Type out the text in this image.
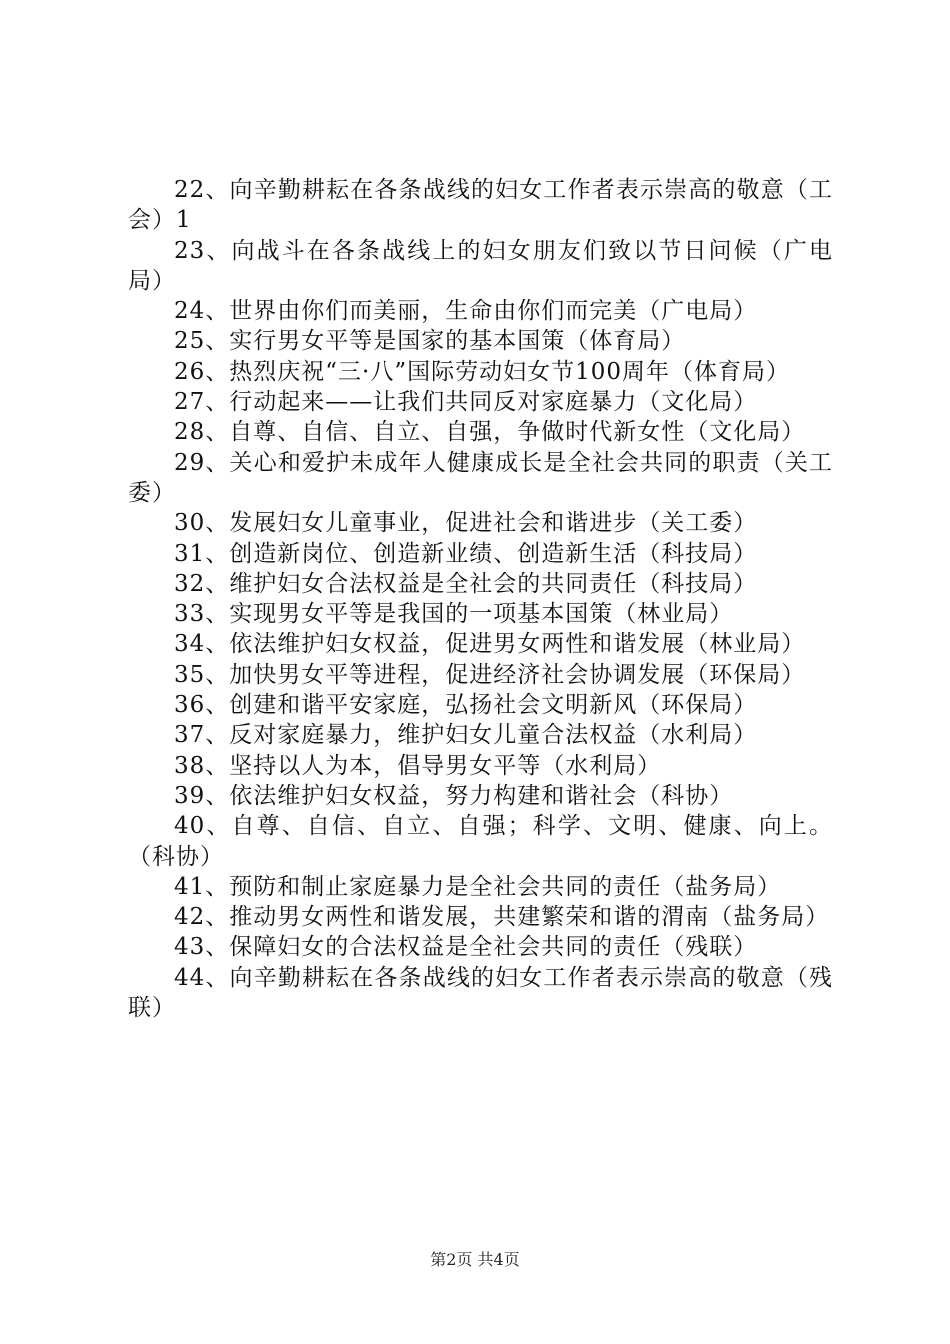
22、向辛勤耕耘在各条战线的妇女工作者表示崇高的敬意（工会）1

23、向战斗在各条战线上的妇女朋友们致以节日问候（广电局）

24、世界由你们而美丽，生命由你们而完美（广电局）

25、实行男女平等是国家的基本国策（体育局）

26、热烈庆祝“三·八”国际劳动妇女节100周年（体育局）

27、行动起来——让我们共同反对家庭暴力（文化局）

28、自尊、自信、自立、自强，争做时代新女性（文化局）

29、关心和爱护未成年人健康成长是全社会共同的职责（关工委）

30、发展妇女儿童事业，促进社会和谐进步（关工委）

31、创造新岗位、创造新业绩、创造新生活（科技局）

32、维护妇女合法权益是全社会的共同责任（科技局）

33、实现男女平等是我国的一项基本国策（林业局）

34、依法维护妇女权益，促进男女两性和谐发展（林业局）

35、加快男女平等进程，促进经济社会协调发展（环保局）

36、创建和谐平安家庭，弘扬社会文明新风（环保局）

37、反对家庭暴力，维护妇女儿童合法权益（水利局）

38、坚持以人为本，倡导男女平等（水利局）

39、依法维护妇女权益，努力构建和谐社会（科协）

40、自尊、自信、自立、自强；科学、文明、健康、向上。（科协）

41、预防和制止家庭暴力是全社会共同的责任（盐务局）

42、推动男女两性和谐发展，共建繁荣和谐的渭南（盐务局）

43、保障妇女的合法权益是全社会共同的责任（残联）

44、向辛勤耕耘在各条战线的妇女工作者表示崇高的敬意（残联）

第2页 共4页
